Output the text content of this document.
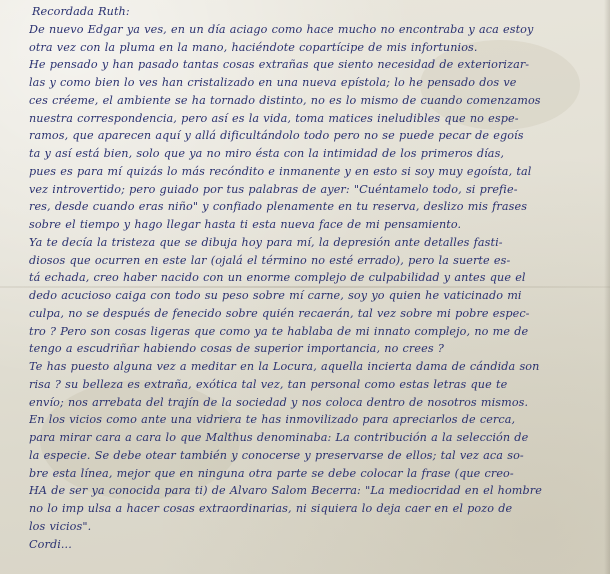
Recordada Ruth:
De nuevo Edgar ya ves, en un día aciago como hace mucho no encontraba y aca estoy
otra vez con la pluma en la mano, haciéndote copartícipe de mis infortunios.
He pensado y han pasado tantas cosas extrañas que siento necesidad de exteriorizar-
las y como bien lo ves han cristalizado en una nueva epístola; lo he pensado dos ve
ces créeme, el ambiente se ha tornado distinto, no es lo mismo de cuando comenzamos
nuestra correspondencia, pero así es la vida, toma matices ineludibles que no espe-
ramos, que aparecen aquí y allá dificultándolo todo pero no se puede pecar de egoís
ta y así está bien, solo que ya no miro ésta con la intimidad de los primeros días,
pues es para mí quizás lo más recóndito e inmanente y en esto si soy muy egoísta, tal
vez introvertido; pero guiado por tus palabras de ayer: "Cuéntamelo todo, si prefie-
res, desde cuando eras niño" y confiado plenamente en tu reserva, deslizo mis frases
sobre el tiempo y hago llegar hasta ti esta nueva face de mi pensamiento.
Ya te decía la tristeza que se dibuja hoy para mí, la depresión ante detalles fasti-
diosos que ocurren en este lar (ojalá el término no esté errado), pero la suerte es-
tá echada, creo haber nacido con un enorme complejo de culpabilidad y antes que el
dedo acucioso caiga con todo su peso sobre mí carne, soy yo quien he vaticinado mi
culpa, no se después de fenecido sobre quién recaerán, tal vez sobre mi pobre espec-
tro ? Pero son cosas ligeras que como ya te hablaba de mi innato complejo, no me de
tengo a escudriñar habiendo cosas de superior importancia, no crees ?
Te has puesto alguna vez a meditar en la Locura, aquella incierta dama de cándida son
risa ? su belleza es extraña, exótica tal vez, tan personal como estas letras que te
envío; nos arrebata del trajín de la sociedad y nos coloca dentro de nosotros mismos.
En los vicios como ante una vidriera te has inmovilizado para apreciarlos de cerca,
para mirar cara a cara lo que Malthus denominaba: La contribución a la selección de
la especie. Se debe otear también y conocerse y preservarse de ellos; tal vez aca so-
bre esta línea, mejor que en ninguna otra parte se debe colocar la frase (que creo-
HA de ser ya conocida para ti) de Alvaro Salom Becerra: "La mediocridad en el hombre
no lo imp ulsa a hacer cosas extraordinarias, ni siquiera lo deja caer en el pozo de
los vicios".
Cordi...
